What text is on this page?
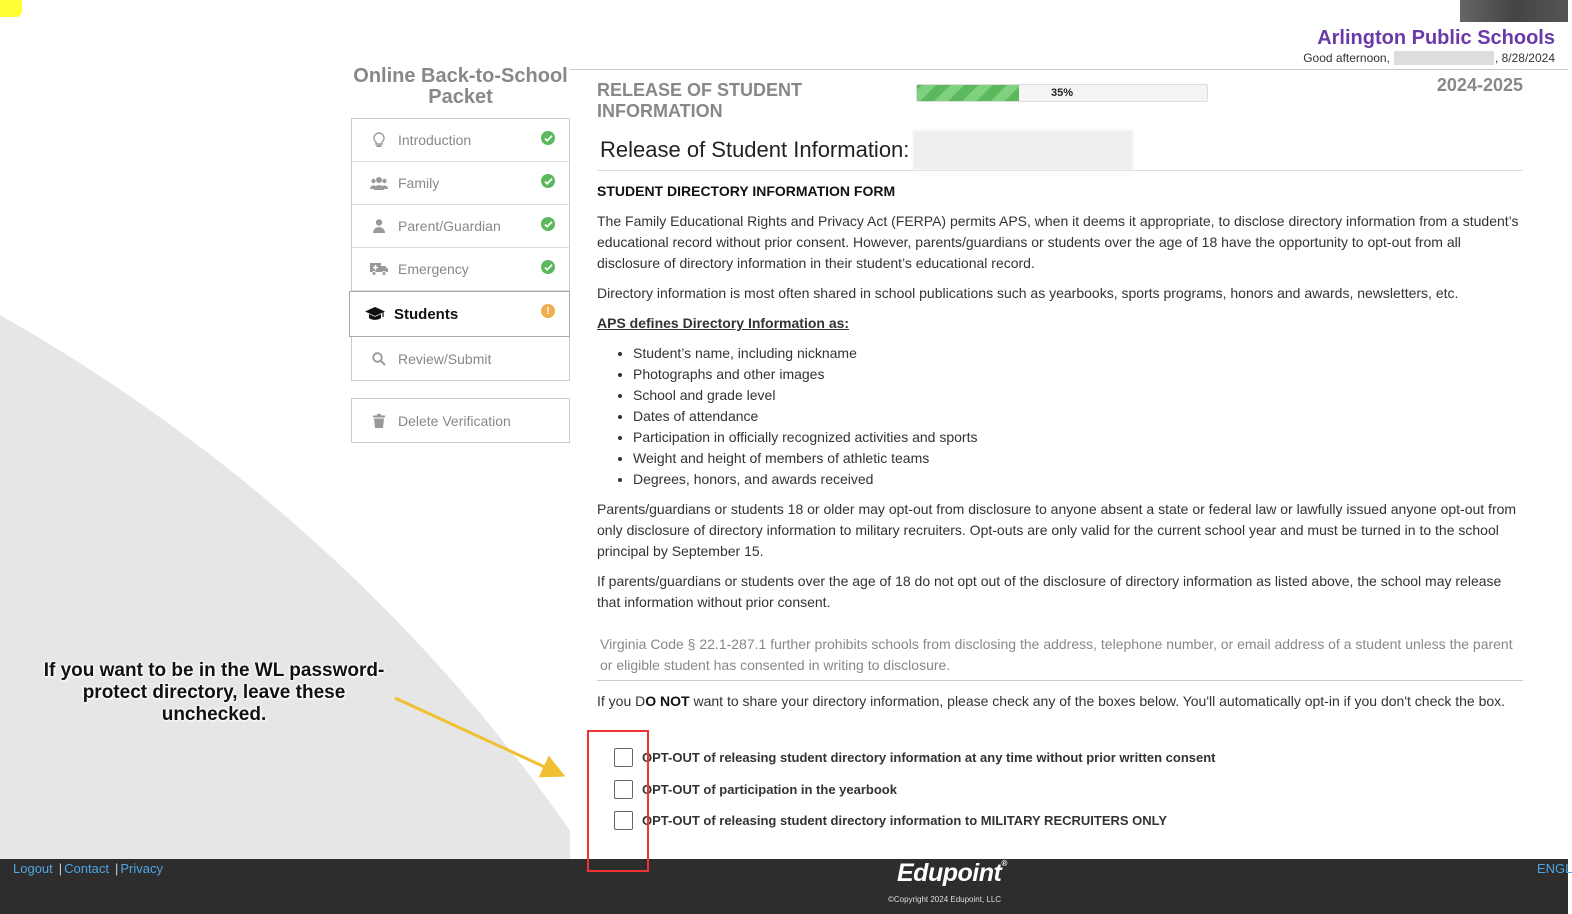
Arlington Public Schools
Good afternoon,	, 8/28/2024
Online Back-to-School Packet
Introduction
Family
Parent/Guardian
Emergency
Students	!
Review/Submit
Delete Verification
RELEASE OF STUDENT INFORMATION
35%	2024-2025
Release of Student Information:
STUDENT DIRECTORY INFORMATION FORM

The Family Educational Rights and Privacy Act (FERPA) permits APS, when it deems it appropriate, to disclose directory information from a student’s educational record without prior consent. However, parents/guardians or students over the age of 18 have the opportunity to opt-out from all disclosure of directory information in their student’s educational record.

Directory information is most often shared in school publications such as yearbooks, sports programs, honors and awards, newsletters, etc.

APS defines Directory Information as:
• Student’s name, including nickname
• Photographs and other images
• School and grade level
• Dates of attendance
• Participation in officially recognized activities and sports
• Weight and height of members of athletic teams
• Degrees, honors, and awards received

Parents/guardians or students 18 or older may opt-out from disclosure to anyone absent a state or federal law or lawfully issued anyone opt-out from only disclosure of directory information to military recruiters. Opt-outs are only valid for the current school year and must be turned in to the school principal by September 15.

If parents/guardians or students over the age of 18 do not opt out of the disclosure of directory information as listed above, the school may release that information without prior consent.

Virginia Code § 22.1-287.1 further prohibits schools from disclosing the address, telephone number, or email address of a student unless the parent or eligible student has consented in writing to disclosure.

If you DO NOT want to share your directory information, please check any of the boxes below. You'll automatically opt-in if you don't check the box.

OPT-OUT of releasing student directory information at any time without prior written consent
OPT-OUT of participation in the yearbook
OPT-OUT of releasing student directory information to MILITARY RECRUITERS ONLY
If you want to be in the WL password-protect directory, leave these unchecked.
Logout | Contact | Privacy	Edupoint®
©Copyright 2024 Edupoint, LLC
ENGL
